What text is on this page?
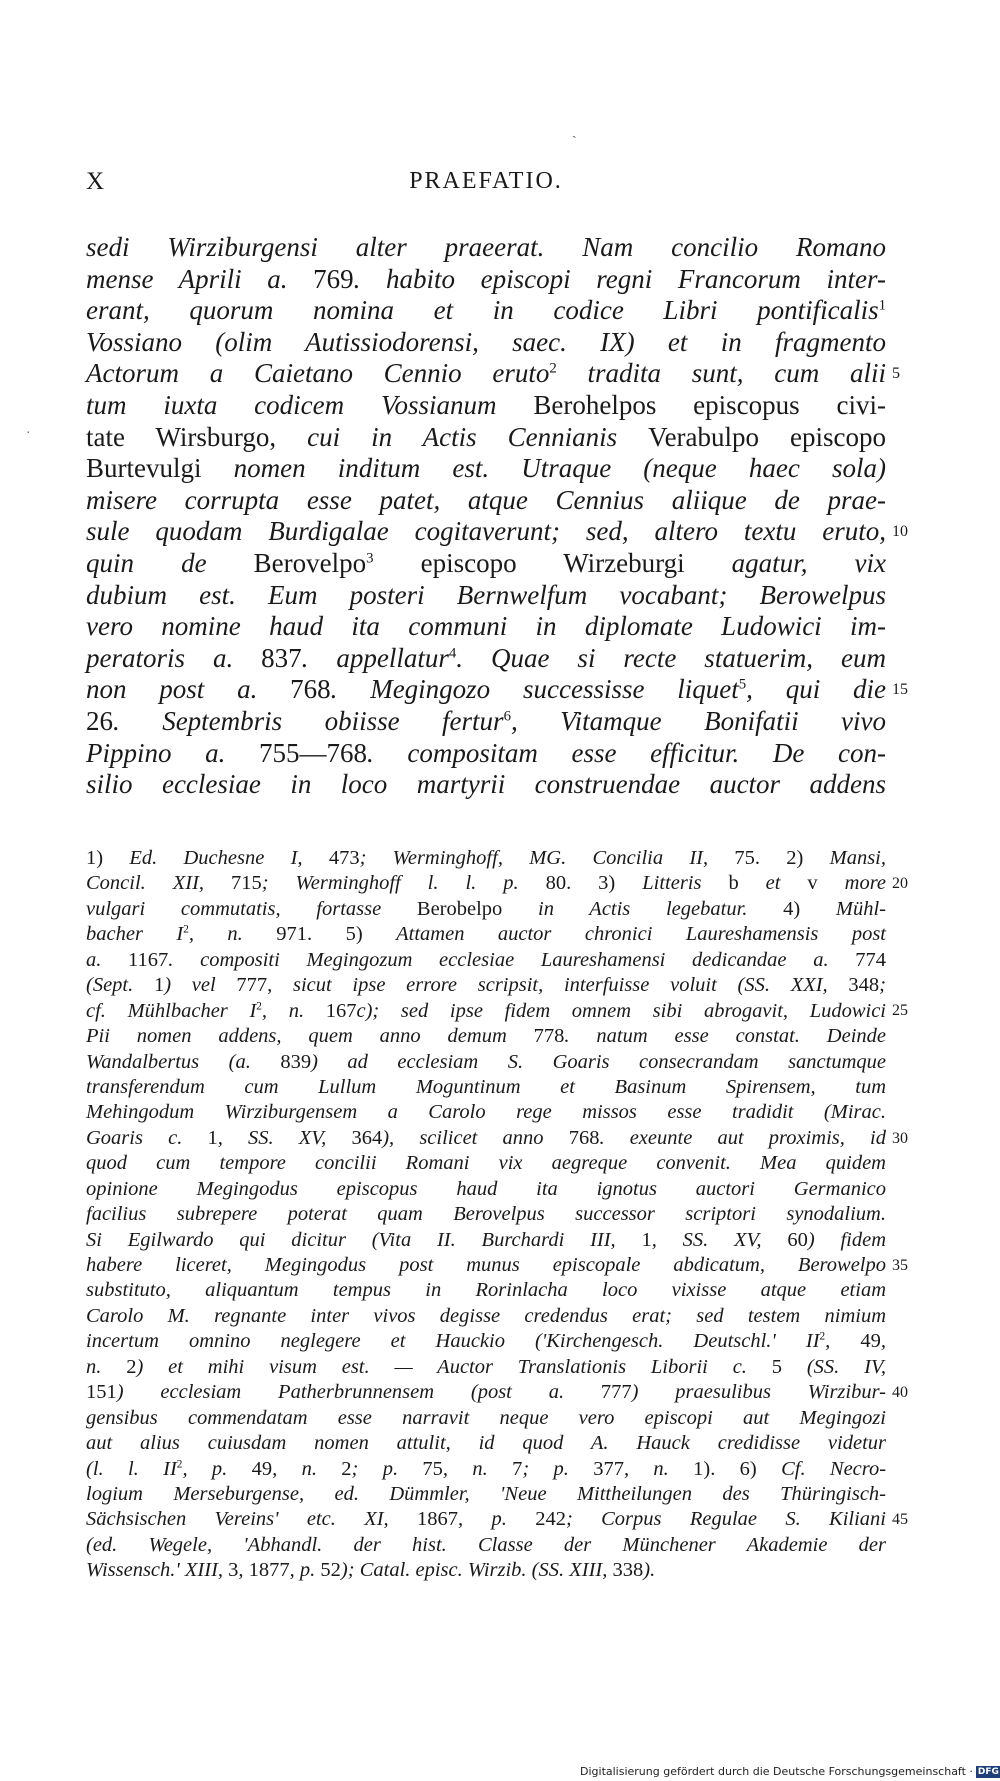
ˏ
·
X	PRAEFATIO.
sedi Wirziburgensi alter praeerat. Nam concilio Romano
mense Aprili a. 769. habito episcopi regni Francorum inter-
erant, quorum nomina et in codice Libri pontificalis$^1$
Vossiano (olim Autissiodorensi, saec. IX) et in fragmento
Actorum a Caietano Cennio eruto$^2$ tradita sunt, cum alii
tum iuxta codicem Vossianum Berohelpos episcopus civi-
tate Wirsburgo, cui in Actis Cennianis Verabulpo episcopo
Burtevulgi nomen inditum est. Utraque (neque haec sola)
misere corrupta esse patet, atque Cennius aliique de prae-
sule quodam Burdigalae cogitaverunt; sed, altero textu eruto,
quin de Berovelpo$^3$ episcopo Wirzeburgi agatur, vix
dubium est. Eum posteri Bernwelfum vocabant; Berowelpus
vero nomine haud ita communi in diplomate Ludowici im-
peratoris a. 837. appellatur$^4$. Quae si recte statuerim, eum
non post a. 768. Megingozo successisse liquet$^5$, qui die
26. Septembris obiisse fertur$^6$, Vitamque Bonifatii vivo
Pippino a. 755—768. compositam esse efficitur. De con-
silio ecclesiae in loco martyrii construendae auctor addens
1) Ed. Duchesne I, 473; Werminghoff, MG. Concilia II, 75. 2) Mansi,
Concil. XII, 715; Werminghoff l. l. p. 80. 3) Litteris b et v more
vulgari commutatis, fortasse Berobelpo in Actis legebatur. 4) Mühl-
bacher $I^2$, n. 971. 5) Attamen auctor chronici Laureshamensis post
a. 1167. compositi Megingozum ecclesiae Laureshamensi dedicandae a. 774
(Sept. 1) vel 777, sicut ipse errore scripsit, interfuisse voluit (SS. XXI, 348;
cf. Mühlbacher $I^2$, n. 167c); sed ipse fidem omnem sibi abrogavit, Ludowici
Pii nomen addens, quem anno demum 778. natum esse constat. Deinde
Wandalbertus (a. 839) ad ecclesiam S. Goaris consecrandam sanctumque
transferendum cum Lullum Moguntinum et Basinum Spirensem, tum
Mehingodum Wirziburgensem a Carolo rege missos esse tradidit (Mirac.
Goaris c. 1, SS. XV, 364), scilicet anno 768. exeunte aut proximis, id
quod cum tempore concilii Romani vix aegreque convenit. Mea quidem
opinione Megingodus episcopus haud ita ignotus auctori Germanico
facilius subrepere poterat quam Berovelpus successor scriptori synodalium.
Si Egilwardo qui dicitur (Vita II. Burchardi III, 1, SS. XV, 60) fidem
habere liceret, Megingodus post munus episcopale abdicatum, Berowelpo
substituto, aliquantum tempus in Rorinlacha loco vixisse atque etiam
Carolo M. regnante inter vivos degisse credendus erat; sed testem nimium
incertum omnino neglegere et Hauckio ('Kirchengesch. Deutschl.' $II^2$, 49,
n. 2) et mihi visum est. — Auctor Translationis Liborii c. 5 (SS. IV,
151) ecclesiam Patherbrunnensem (post a. 777) praesulibus Wirzibur-
gensibus commendatam esse narravit neque vero episcopi aut Megingozi
aut alius cuiusdam nomen attulit, id quod A. Hauck credidisse videtur
(l. l. $II^2$, p. 49, n. 2; p. 75, n. 7; p. 377, n. 1). 6) Cf. Necro-
logium Merseburgense, ed. Dümmler, 'Neue Mittheilungen des Thüringisch-
Sächsischen Vereins' etc. XI, 1867, p. 242; Corpus Regulae S. Kiliani
(ed. Wegele, 'Abhandl. der hist. Classe der Münchener Akademie der
Wissensch.' XIII, 3, 1877, p. 52); Catal. episc. Wirzib. (SS. XIII, 338).
5
10
15
20
25
30
35
40
45
Digitalisierung gefördert durch die Deutsche Forschungsgemeinschaft · DFG
